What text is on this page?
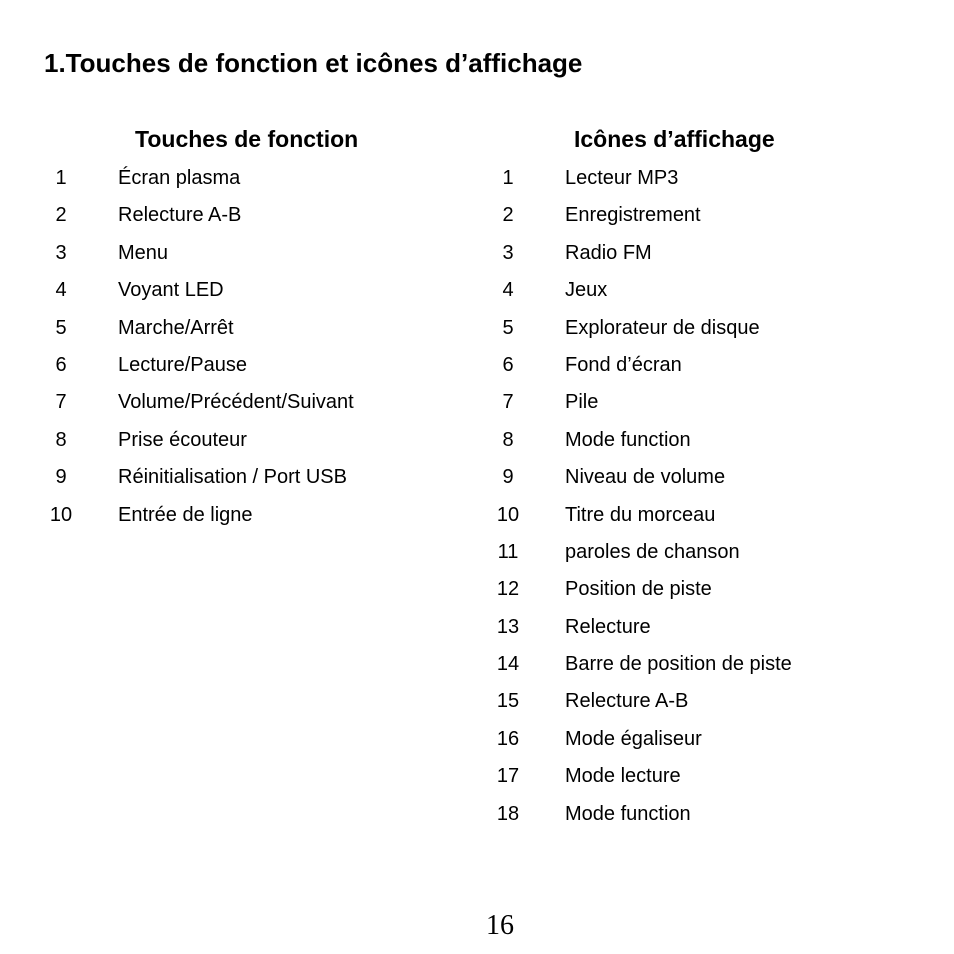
1.Touches de fonction et icônes d’affichage
Touches de fonction	Icônes d’affichage
1	Écran plasma
2	Relecture A-B
3	Menu
4	Voyant LED
5	Marche/Arrêt
6	Lecture/Pause
7	Volume/Précédent/Suivant
8	Prise écouteur
9	Réinitialisation / Port USB
10	Entrée de ligne
1	Lecteur MP3
2	Enregistrement
3	Radio FM
4	Jeux
5	Explorateur de disque
6	Fond d’écran
7	Pile
8	Mode function
9	Niveau de volume
10	Titre du morceau
11	paroles de chanson
12	Position de piste
13	Relecture
14	Barre de position de piste
15	Relecture A-B
16	Mode égaliseur
17	Mode lecture
18	Mode function
16
